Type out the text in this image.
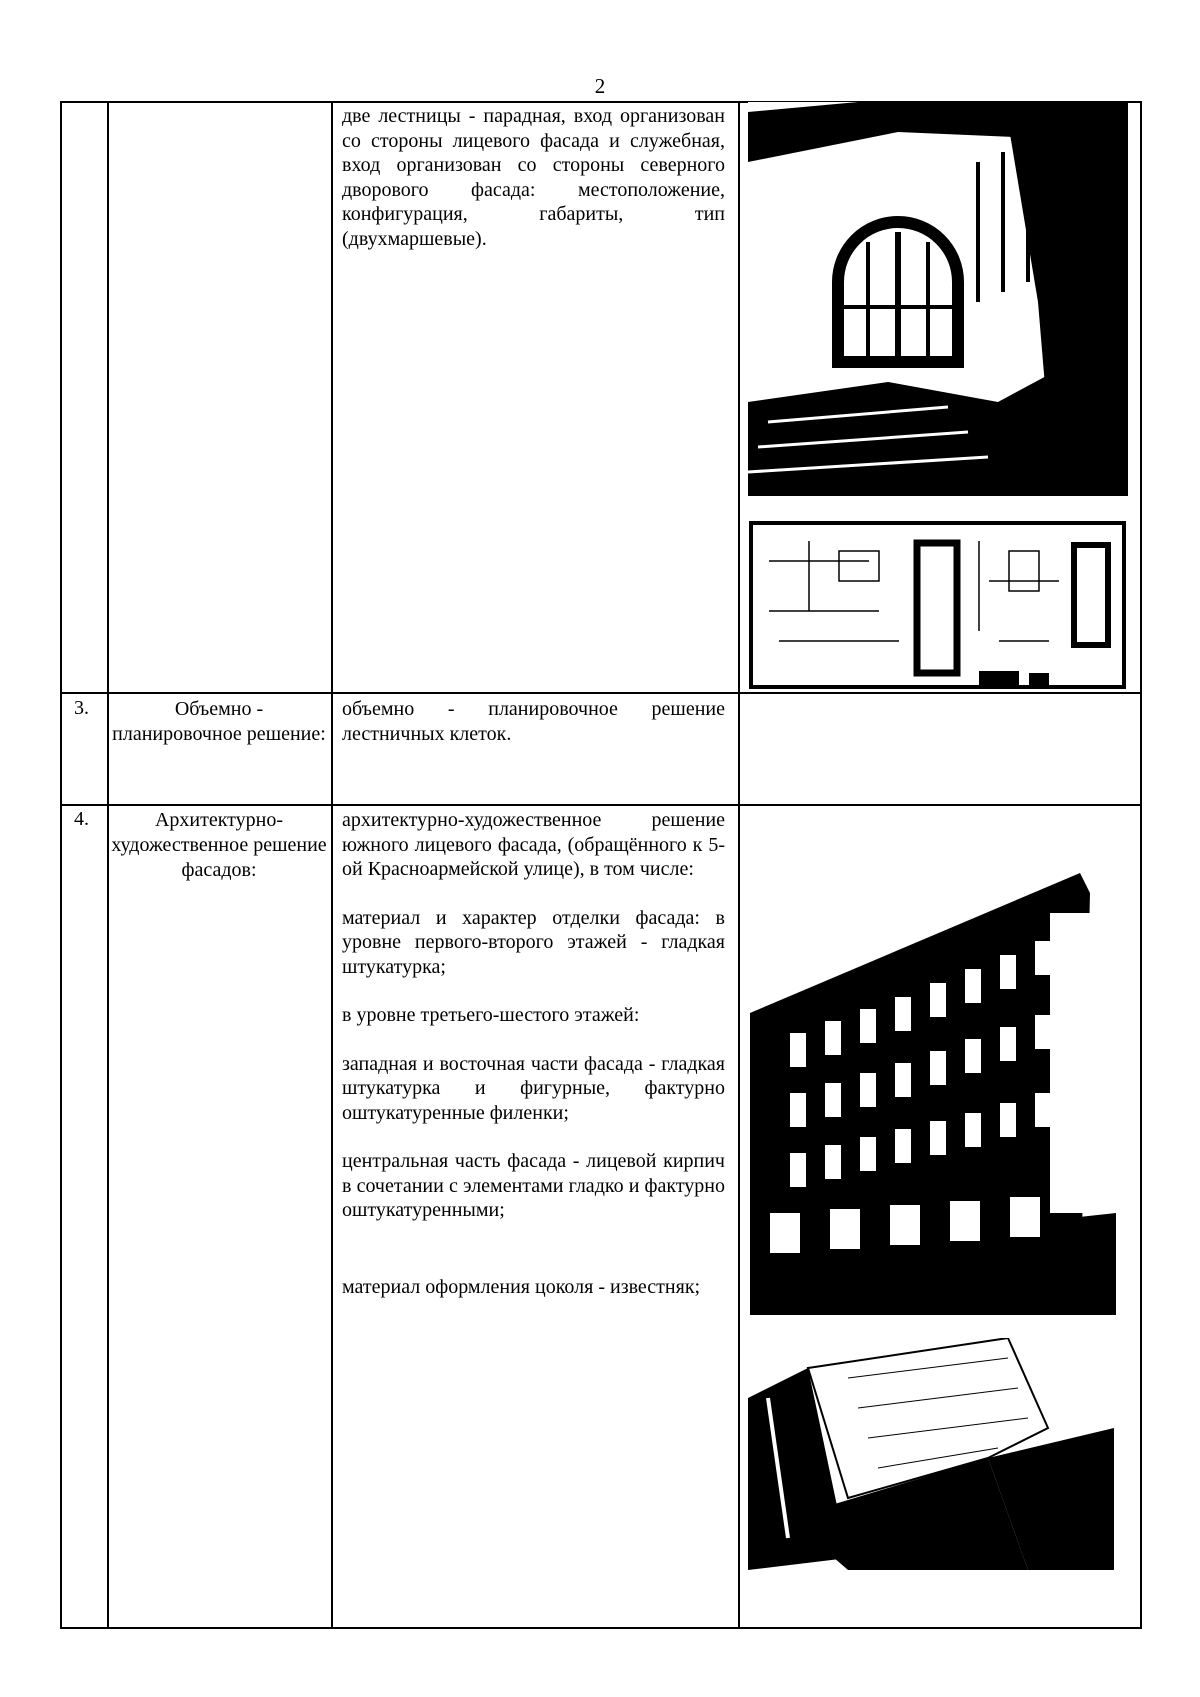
2

две лестницы - парадная, вход организован со стороны лицевого фасада и служебная, вход организован со стороны северного дворового фасада: местоположение, конфигурация, габариты, тип (двухмаршевые).

3.	Объемно - планировочное решение:

объемно - планировочное решение лестничных клеток.

4.	Архитектурно-художественное решение фасадов:

архитектурно-художественное решение южного лицевого фасада, (обращённого к 5-ой Красноармейской улице), в том числе:

материал и характер отделки фасада: в уровне первого-второго этажей - гладкая штукатурка;

в уровне третьего-шестого этажей:

западная и восточная части фасада - гладкая штукатурка и фигурные, фактурно оштукатуренные филенки;

центральная часть фасада - лицевой кирпич в сочетании с элементами гладко и фактурно оштукатуренными;

материал оформления цоколя - известняк;
